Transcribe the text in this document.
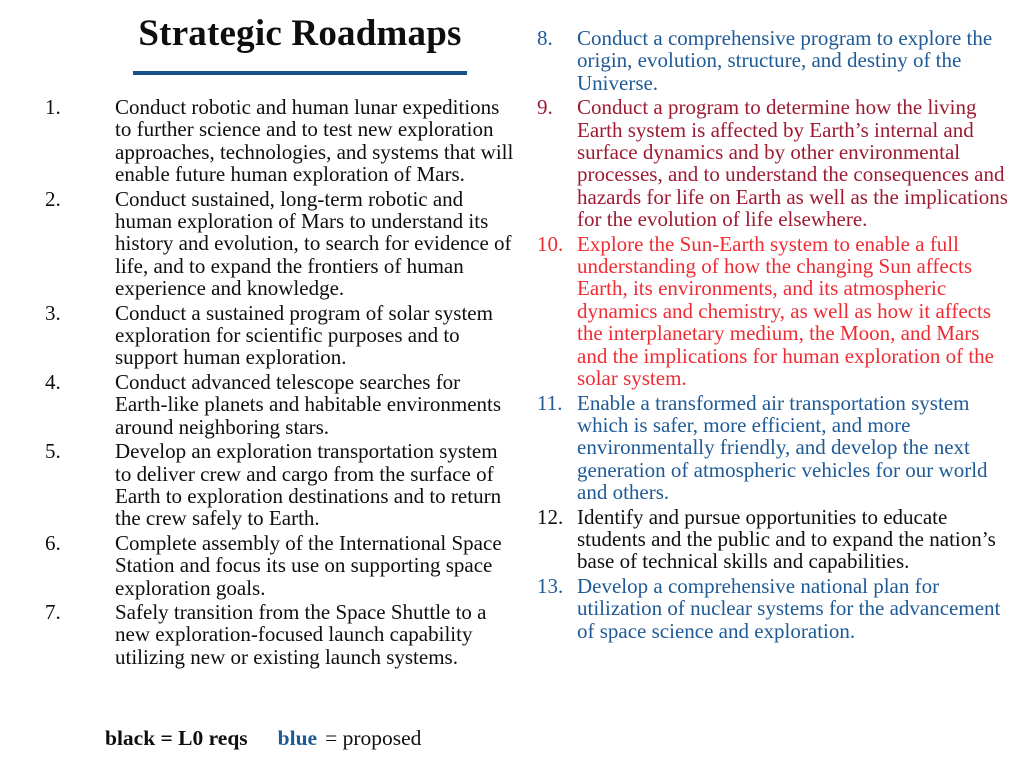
Strategic Roadmaps
1.	Conduct robotic and human lunar expeditions to further science and to test new exploration approaches, technologies, and systems that will enable future human exploration of Mars.
2.	Conduct sustained, long-term robotic and human exploration of Mars to understand its history and evolution, to search for evidence of life, and to expand the frontiers of human experience and knowledge.
3.	Conduct a sustained program of solar system exploration for scientific purposes and to support human exploration.
4.	Conduct advanced telescope searches for Earth-like planets and habitable environments around neighboring stars.
5.	Develop an exploration transportation system to deliver crew and cargo from the surface of Earth to exploration destinations and to return the crew safely to Earth.
6.	Complete assembly of the International Space Station and focus its use on supporting space exploration goals.
7.	Safely transition from the Space Shuttle to a new exploration-focused launch capability utilizing new or existing launch systems.
8.	Conduct a comprehensive program to explore the origin, evolution, structure, and destiny of the Universe.
9.	Conduct a program to determine how the living Earth system is affected by Earth’s internal and surface dynamics and by other environmental processes, and to understand the consequences and hazards for life on Earth as well as the implications for the evolution of life elsewhere.
10. Explore the Sun-Earth system to enable a full understanding of how the changing Sun affects Earth, its environments, and its atmospheric dynamics and chemistry, as well as how it affects the interplanetary medium, the Moon, and Mars and the implications for human exploration of the solar system.
11. Enable a transformed air transportation system which is safer, more efficient, and more environmentally friendly, and develop the next generation of atmospheric vehicles for our world and others.
12. Identify and pursue opportunities to educate students and the public and to expand the nation’s base of technical skills and capabilities.
13. Develop a comprehensive national plan for utilization of nuclear systems for the advancement of space science and exploration.
black = L0 reqs blue = proposed
